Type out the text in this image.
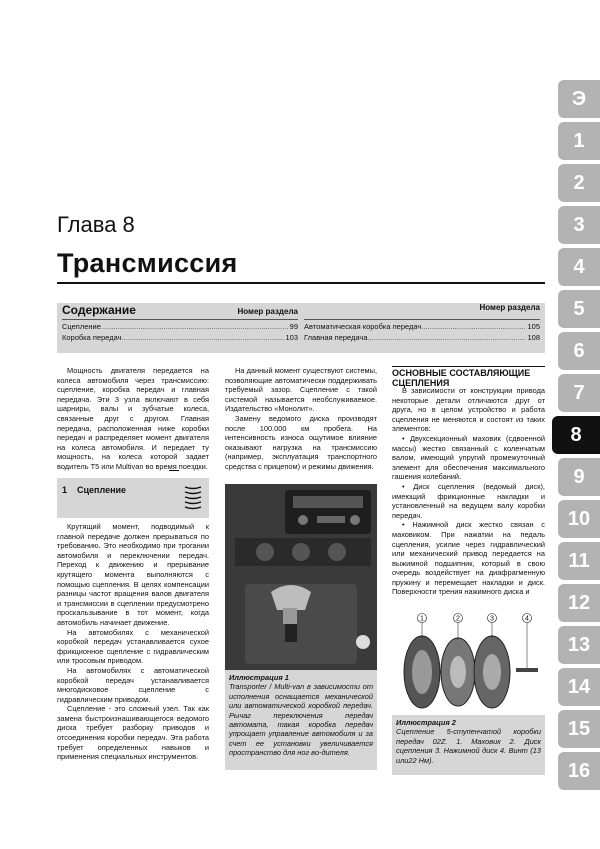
Глава 8
Трансмиссия
Содержание	Номер раздела
Сцепление .....	99
Коробка передач .....	103
Номер раздела
Автоматическая коробка передач .....	105
Главная передача .....	108

Мощность двигателя передается на колеса автомобиля через трансмиссию: сцепление, коробка передач и главная передача. Эти 3 узла включают в себя шарниры, валы и зубчатые колеса, связанные друг с другом. Главная передача, расположенная ниже коробки передач и распределяет момент двигателя на колеса автомобиля. И передает ту мощность, на колеса которой задает водитель Т5 или Multivan во время поездки.

1 Сцепление

Крутящий момент, подводимый к главной передаче должен прерываться по требованию. Это необходимо при трогании автомобиля и переключении передач. Переход к движению и прерывание крутящего момента выполняются с помощью сцепления. В целях компенсации разницы частот вращения валов двигателя и трансмиссии в сцеплении предусмотрено проскальзывание в тот момент, когда автомобиль начинает движение.

На автомобилях с механической коробкой передач устанавливается сухое фрикционное сцепление с гидравлическим или тросовым приводом.

На автомобилях с автоматической коробкой передач устанавливается многодисковое сцепление с гидравлическим приводом.

Сцепление - это сложный узел. Так как замена быстроизнашивающегося ведомого диска требует разборку приводов и отсоединения коробки передач. Эта работа требует определенных навыков и применения специальных инструментов.

На данный момент существуют системы, позволяющие автоматически поддерживать требуемый зазор. Сцепление с такой системой называется необслуживаемое. Издательство «Монолит».

Замену ведомого диска производят после 100.000 км пробега. На интенсивность износа ощутимое влияние оказывают нагрузка на трансмиссию (например, эксплуатация транспортного средства с прицепом) и режимы движения.

Иллюстрация 1
Transporter / Multi-van в зависимости от исполнения оснащается механической или автоматической коробкой передач. Рычаг переключения передач автомата, такая коробка передач упрощает управление автомобиля и за счет ее установки увеличивается пространство для ног во-дителя.
ОСНОВНЫЕ СОСТАВЛЯЮЩИЕ СЦЕПЛЕНИЯ

В зависимости от конструкции привода некоторые детали отличаются друг от друга, но в целом устройство и работа сцепления не меняются и состоят из таких элементов:

• Двухсекционный маховик (сдвоенной массы) жестко связанный с коленчатым валом, имеющий упругий промежуточный элемент для обеспечения максимального гашения колебаний.

• Диск сцепления (ведомый диск), имеющий фрикционные накладки и установленный на ведущем валу коробки передач.

• Нажимной диск жестко связан с маховиком. При нажатии на педаль сцепления, усилие через гидравлический или механический привод передается на выжимной подшипник, который в свою очередь воздействует на диафрагменную пружину и перемещает накладки и диск. Поверхности трения нажимного диска и

1	2	3	4
Иллюстрация 2
Сцепление 5-ступенчатой коробки передач 02Z. 1. Маховик 2. Диск сцепления 3. Нажимной диск 4. Винт (13 или22 Нм).
Э
1
2
3
4
5
6
7
8
9
10
11
12
13
14
15
16
